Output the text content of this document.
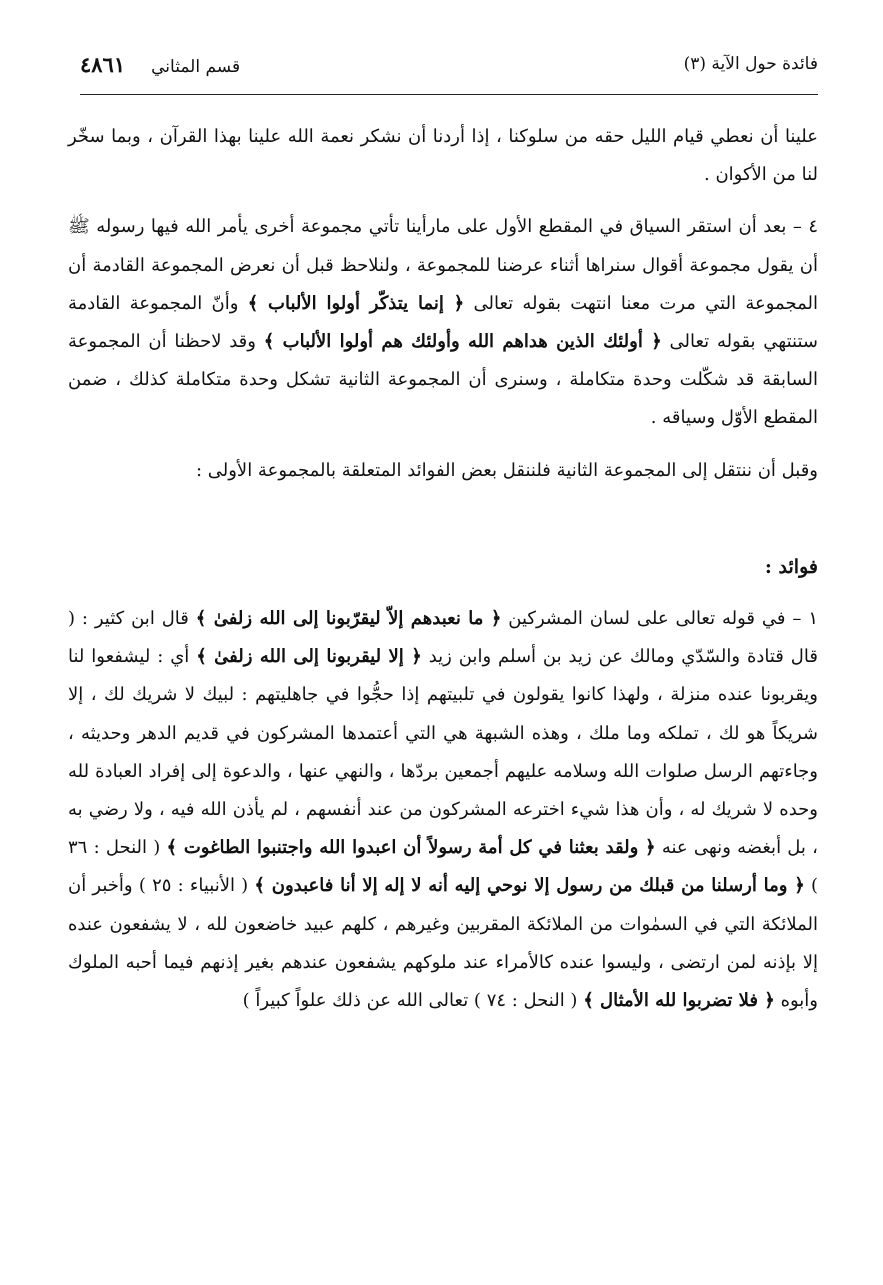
٤٨٦١ قسم المثاني	فائدة حول الآية (٣)

علينا أن نعطي قيام الليل حقه من سلوكنا ، إذا أردنا أن نشكر نعمة الله علينا بهذا القرآن ، وبما سخّر لنا من الأكوان .

٤ – بعد أن استقر السياق في المقطع الأول على مارأينا تأتي مجموعة أخرى يأمر الله فيها رسوله ﷺ أن يقول مجموعة أقوال سنراها أثناء عرضنا للمجموعة ، ولنلاحظ قبل أن نعرض المجموعة القادمة أن المجموعة التي مرت معنا انتهت بقوله تعالى ﴿ إنما يتذكّر أولوا الألباب ﴾ وأنّ المجموعة القادمة ستنتهي بقوله تعالى ﴿ أولئك الذين هداهم الله وأولئك هم أولوا الألباب ﴾ وقد لاحظنا أن المجموعة السابقة قد شكّلت وحدة متكاملة ، وسنرى أن المجموعة الثانية تشكل وحدة متكاملة كذلك ، ضمن المقطع الأوّل وسياقه .

وقبل أن ننتقل إلى المجموعة الثانية فلننقل بعض الفوائد المتعلقة بالمجموعة الأولى :

فوائد :

١ – في قوله تعالى على لسان المشركين ﴿ ما نعبدهم إلاّ ليقرّبونا إلى الله زلفىٰ ﴾ قال ابن كثير : ( قال قتادة والسّدّي ومالك عن زيد بن أسلم وابن زيد ﴿ إلا ليقربونا إلى الله زلفىٰ ﴾ أي : ليشفعوا لنا ويقربونا عنده منزلة ، ولهذا كانوا يقولون في تلبيتهم إذا حجُّوا في جاهليتهم : لبيك لا شريك لك ، إلا شريكاً هو لك ، تملكه وما ملك ، وهذه الشبهة هي التي أعتمدها المشركون في قديم الدهر وحديثه ، وجاءتهم الرسل صلوات الله وسلامه عليهم أجمعين بردّها ، والنهي عنها ، والدعوة إلى إفراد العبادة لله وحده لا شريك له ، وأن هذا شيء اخترعه المشركون من عند أنفسهم ، لم يأذن الله فيه ، ولا رضي به ، بل أبغضه ونهى عنه ﴿ ولقد بعثنا في كل أمة رسولاً أن اعبدوا الله واجتنبوا الطاغوت ﴾ ( النحل : ٣٦ ) ﴿ وما أرسلنا من قبلك من رسول إلا نوحي إليه أنه لا إله إلا أنا فاعبدون ﴾ ( الأنبياء : ٢٥ ) وأخبر أن الملائكة التي في السمٰوات من الملائكة المقربين وغيرهم ، كلهم عبيد خاضعون لله ، لا يشفعون عنده إلا بإذنه لمن ارتضى ، وليسوا عنده كالأمراء عند ملوكهم يشفعون عندهم بغير إذنهم فيما أحبه الملوك وأبوه ﴿ فلا تضربوا لله الأمثال ﴾ ( النحل : ٧٤ ) تعالى الله عن ذلك علواً كبيراً )
